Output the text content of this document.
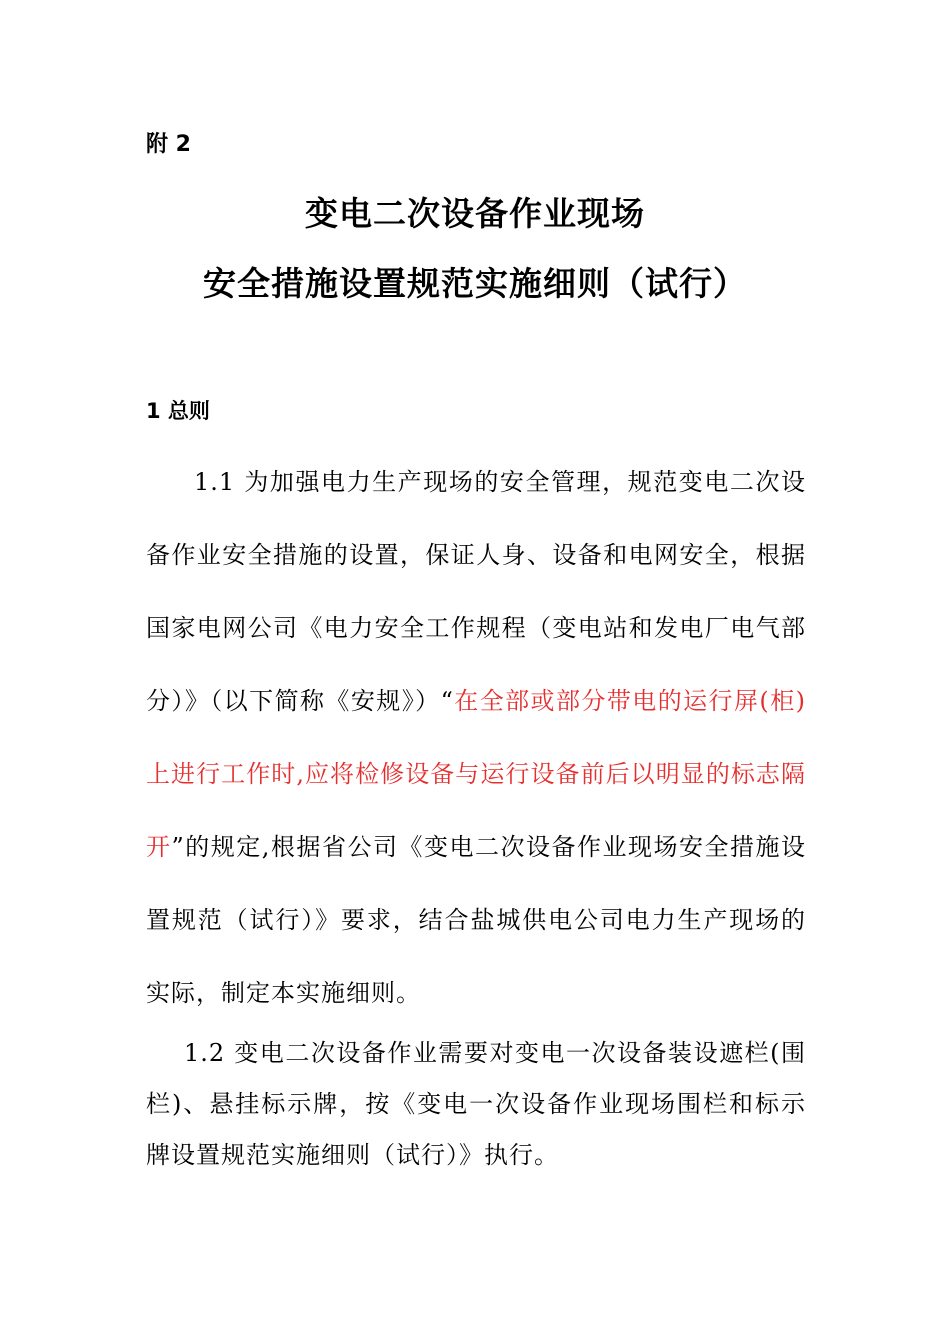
附 2
变电二次设备作业现场
安全措施设置规范实施细则（试行）
1 总则

1.1 为加强电力生产现场的安全管理，规范变电二次设备作业安全措施的设置，保证人身、设备和电网安全，根据国家电网公司《电力安全工作规程（变电站和发电厂电气部分）》（以下简称《安规》）“在全部或部分带电的运行屏(柜)上进行工作时,应将检修设备与运行设备前后以明显的标志隔开”的规定,根据省公司《变电二次设备作业现场安全措施设置规范（试行）》要求，结合盐城供电公司电力生产现场的实际，制定本实施细则。

1.2 变电二次设备作业需要对变电一次设备装设遮栏(围栏)、悬挂标示牌，按《变电一次设备作业现场围栏和标示牌设置规范实施细则（试行）》执行。
